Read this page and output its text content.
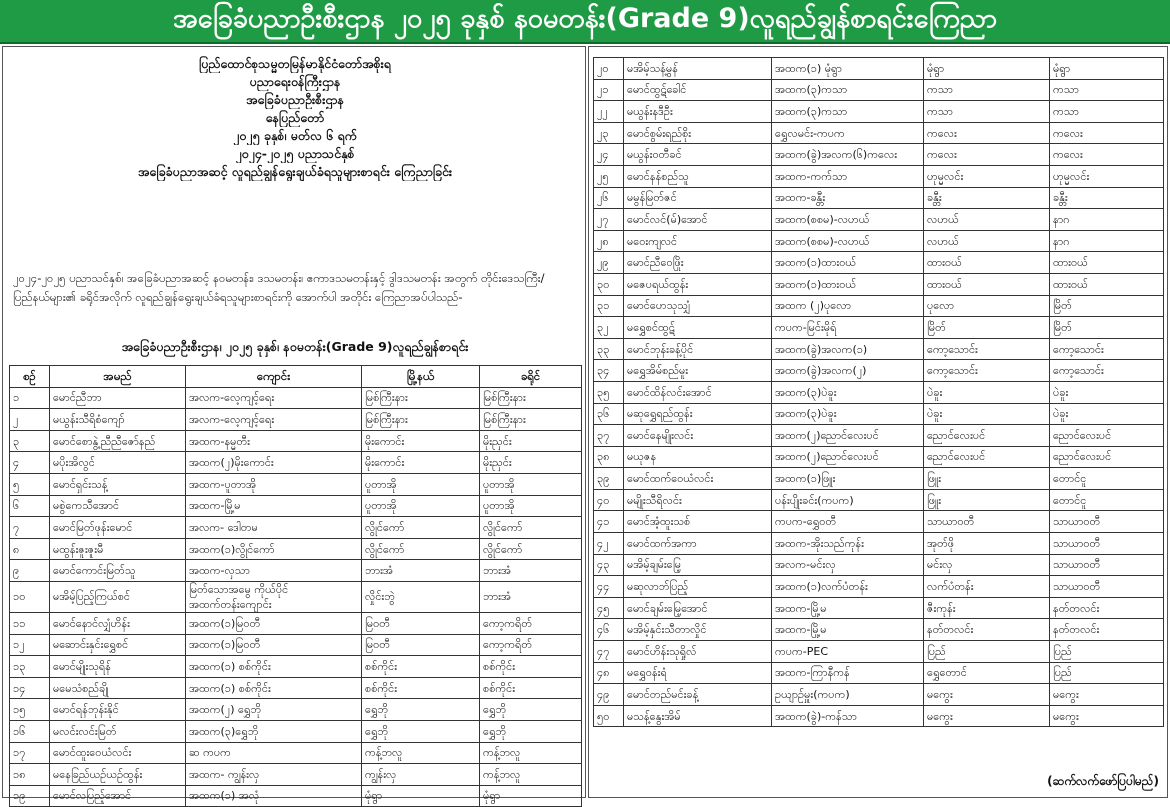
အခြေခံပညာဦးစီးဌာန ၂၀၂၅ ခုနှစ် နဝမတန်း(Grade 9)လူရည်ချွန်စာရင်းကြေညာ
ပြည်ထောင်စုသမ္မတမြန်မာနိုင်ငံတော်အစိုးရ
ပညာရေးဝန်ကြီးဌာန
အခြေခံပညာဦးစီးဌာန
နေပြည်တော်
၂၀၂၅ ခုနှစ်၊ မတ်လ ၆ ရက်
၂၀၂၄-၂၀၂၅ ပညာသင်နှစ်
အခြေခံပညာအဆင့် လူရည်ချွန်ရွေးချယ်ခံရသူများစာရင်း ကြေညာခြင်း
၂၀၂၄-၂၀၂၅ ပညာသင်နှစ်၊ အခြေခံပညာအဆင့် နဝမတန်း၊ ဒသမတန်း၊ ဧကာဒသမတန်းနှင့် ဒွါဒသမတန်း အတွက် တိုင်းဒေသကြီး/ပြည်နယ်များ၏ ခရိုင်အလိုက် လူရည်ချွန်ရွေးချယ်ခံရသူများစာရင်းကို အောက်ပါ အတိုင်း ကြေညာအပ်ပါသည်-
အခြေခံပညာဦးစီးဌာန၊ ၂၀၂၅ ခုနှစ်၊ နဝမတန်း(Grade 9)လူရည်ချွန်စာရင်း
စဉ်	အမည်	ကျောင်း	မြို့နယ်	ခရိုင်
၁	မောင်ညီဘာ	အလက-လေ့ကျင့်ရေး	မြစ်ကြီးနား	မြစ်ကြီးနား
၂	မယွန်းသီရိစံကျော်	အလက-လေ့ကျင့်ရေး	မြစ်ကြီးနား	မြစ်ကြီးနား
၃	မောင်စောနွဲ့ညီညီဇော်နည်	အထက-နမ္မတီး	မိုးကောင်း	မိုးညှင်း
၄	မပိုးအိလွင်	အထက(၂)မိုးကောင်း	မိုးကောင်း	မိုးညှင်း
၅	မောင်ရှင်းသန့်	အထက-ပူတာအို	ပူတာအို	ပူတာအို
၆	မစွဲကေသီအောင်	အထက-မြို့မ	ပူတာအို	ပူတာအို
၇	မောင်မြတ်ဖုန်းမောင်	အလက- ဒေါတမ	လွိုင်ကော်	လွိုင်ကော်
၈	မထွန်းဇူးဇူးမီ	အထက(၁)လွိုင်ကော်	လွိုင်ကော်	လွိုင်ကော်
၉	မောင်ကောင်းမြတ်သူ	အထက-လှသာ	ဘားအံ	ဘားအံ
၁၀	မအိမ့်ပြည့်ကြယ်စင်	မြတ်သောအမွေ ကိုယ်ပိုင်အထက်တန်းကျောင်း	လှိုင်းဘွဲ	ဘားအံ
၁၁	မောင်နောင်လျှံဟိန်း	အထက(၁)မြဝတီ	မြဝတီ	ကော့ကရိတ်
၁၂	မဆောင်းနှင်းရွှေစင်	အထက(၁)မြဝတီ	မြဝတီ	ကော့ကရိတ်
၁၃	မောင်မျိုးသုရိန်	အထက(၁) စစ်ကိုင်း	စစ်ကိုင်း	စစ်ကိုင်း
၁၄	မမေသံစည်ချို	အထက(၁) စစ်ကိုင်း	စစ်ကိုင်း	စစ်ကိုင်း
၁၅	မောင်ရန်ဘုန်းနိုင်	အထက(၂) ရွှေဘို	ရွှေဘို	ရွှေဘို
၁၆	မလင်းလင်းမြတ်	အထက(၃)ရွှေဘို	ရွှေဘို	ရွှေဘို
၁၇	မောင်ထူးဝေယံလင်း	ဆ ကပက	ကန့်ဘလူ	ကန့်ဘလူ
၁၈	မနေခြည်ယဉ်ယဉ်ထွန်း	အထက- ကျွန်းလှ	ကျွန်းလှ	ကန့်ဘလူ
၁၉	မောင်လပြည့်အောင်	အထက(၁) အလုံ	မုံရွာ	မုံရွာ
၂၀	မအိမ့်သန့်မွန်	အထက(၁) မုံရွာ	မုံရွာ	မုံရွာ
၂၁	မောင်ထွဋ်ခေါင်	အထက(၃)ကသာ	ကသာ	ကသာ
၂၂	မယွန်းနဒီဦး	အထက(၃)ကသာ	ကသာ	ကသာ
၂၃	မောင်စွမ်းရည်စိုး	ရွှေလမင်း-ကပက	ကလေး	ကလေး
၂၄	မယွန်းဝတီခင်	အထက(ခွဲ)အလက(၆)ကလေး	ကလေး	ကလေး
၂၅	မောင်နန်စည်သူ	အထက-ကက်သာ	ဟုမ္မလင်း	ဟုမ္မလင်း
၂၆	မမွန်မြတ်ဇင်	အထက-ခန္တီး	ခန္တီး	ခန္တီး
၂၇	မောင်လင်(မ်)အောင်	အထက(စစမ)-လဟယ်	လဟယ်	နာဂ
၂၈	မဝေးကျလင်	အထက(စစမ)-လဟယ်	လဟယ်	နာဂ
၂၉	မောင်ညီဝေဖြိုး	အထက(၁)ထားဝယ်	ထားဝယ်	ထားဝယ်
၃၀	မဇေပရယ်ထွန်း	အထက(၁)ထားဝယ်	ထားဝယ်	ထားဝယ်
၃၁	မောင်ဟေသုသျှံ	အထက (၂)ပုလော	ပုလော	မြိတ်
၃၂	မရွှေစင်ထွဋ်	ကပက-မြင်းမိုရ်	မြိတ်	မြိတ်
၃၃	မောင်ဘုန်းခန့်ပိုင်	အထက(ခွဲ)အလက(၁)	ကော့သောင်း	ကော့သောင်း
၃၄	မရွှေအိမ်စည်မူး	အထက(ခွဲ)အလက(၂)	ကော့သောင်း	ကော့သောင်း
၃၅	မောင်ထိန်လင်းအောင်	အထက(၃)ပဲခူး	ပဲခူး	ပဲခူး
၃၆	မဆုရွှေရည်ထွန်း	အထက(၃)ပဲခူး	ပဲခူး	ပဲခူး
၃၇	မောင်နေမျိုးလင်း	အထက(၂)ညောင်လေးပင်	ညောင်လေးပင်	ညောင်လေးပင်
၃၈	မယုဇန	အထက(၂)ညောင်လေးပင်	ညောင်လေးပင်	ညောင်လေးပင်
၃၉	မောင်ထက်ဝေယံလင်း	အထက(၁)ဖြူး	ဖြူး	တောင်ငူ
၄၀	မမျိုးသီရိလင်း	ပန်းပျိုးခင်း(ကပက)	ဖြူး	တောင်ငူ
၄၁	မောင်အံ့ထူးသစ်	ကပက-ရွှေဝတီ	သာယာဝတီ	သာယာဝတီ
၄၂	မောင်ထက်အကာ	အထက-အိုးသည်ကုန်း	အုတ်ဖို	သာယာဝတီ
၄၃	မအိမ့်ချမ်းမြေ့	အလက-မင်းလှ	မင်းလှ	သာယာဝတီ
၄၄	မဆုလာဘ်ပြည့်	အထက(၁)လက်ပံတန်း	လက်ပံတန်း	သာယာဝတီ
၄၅	မောင်ချမ်းမြေ့အောင်	အထက-မြို့မ	ဇီးကုန်း	နတ်တလင်း
၄၆	မအိမ့်နှင်းသီတာလှိုင်	အထက-မြို့မ	နတ်တလင်း	နတ်တလင်း
၄၇	မောင်ဟိန်းသုရှိုလ်	ကပက-PEC	ပြည်	ပြည်
၄၈	မရွှေဝန်းရံ	အထက-ကြာနီကန်	ရွှေတောင်	ပြည်
၄၉	မောင်တည်မင်းခန့်	ဥယျာဉ်မှူး(ကပက)	မကွေး	မကွေး
၅၀	မသန့်နွေးအိမ်	အထက(ခွဲ)-ကန်သာ	မကွေး	မကွေး
(ဆက်လက်ဖော်ပြပါမည်)
